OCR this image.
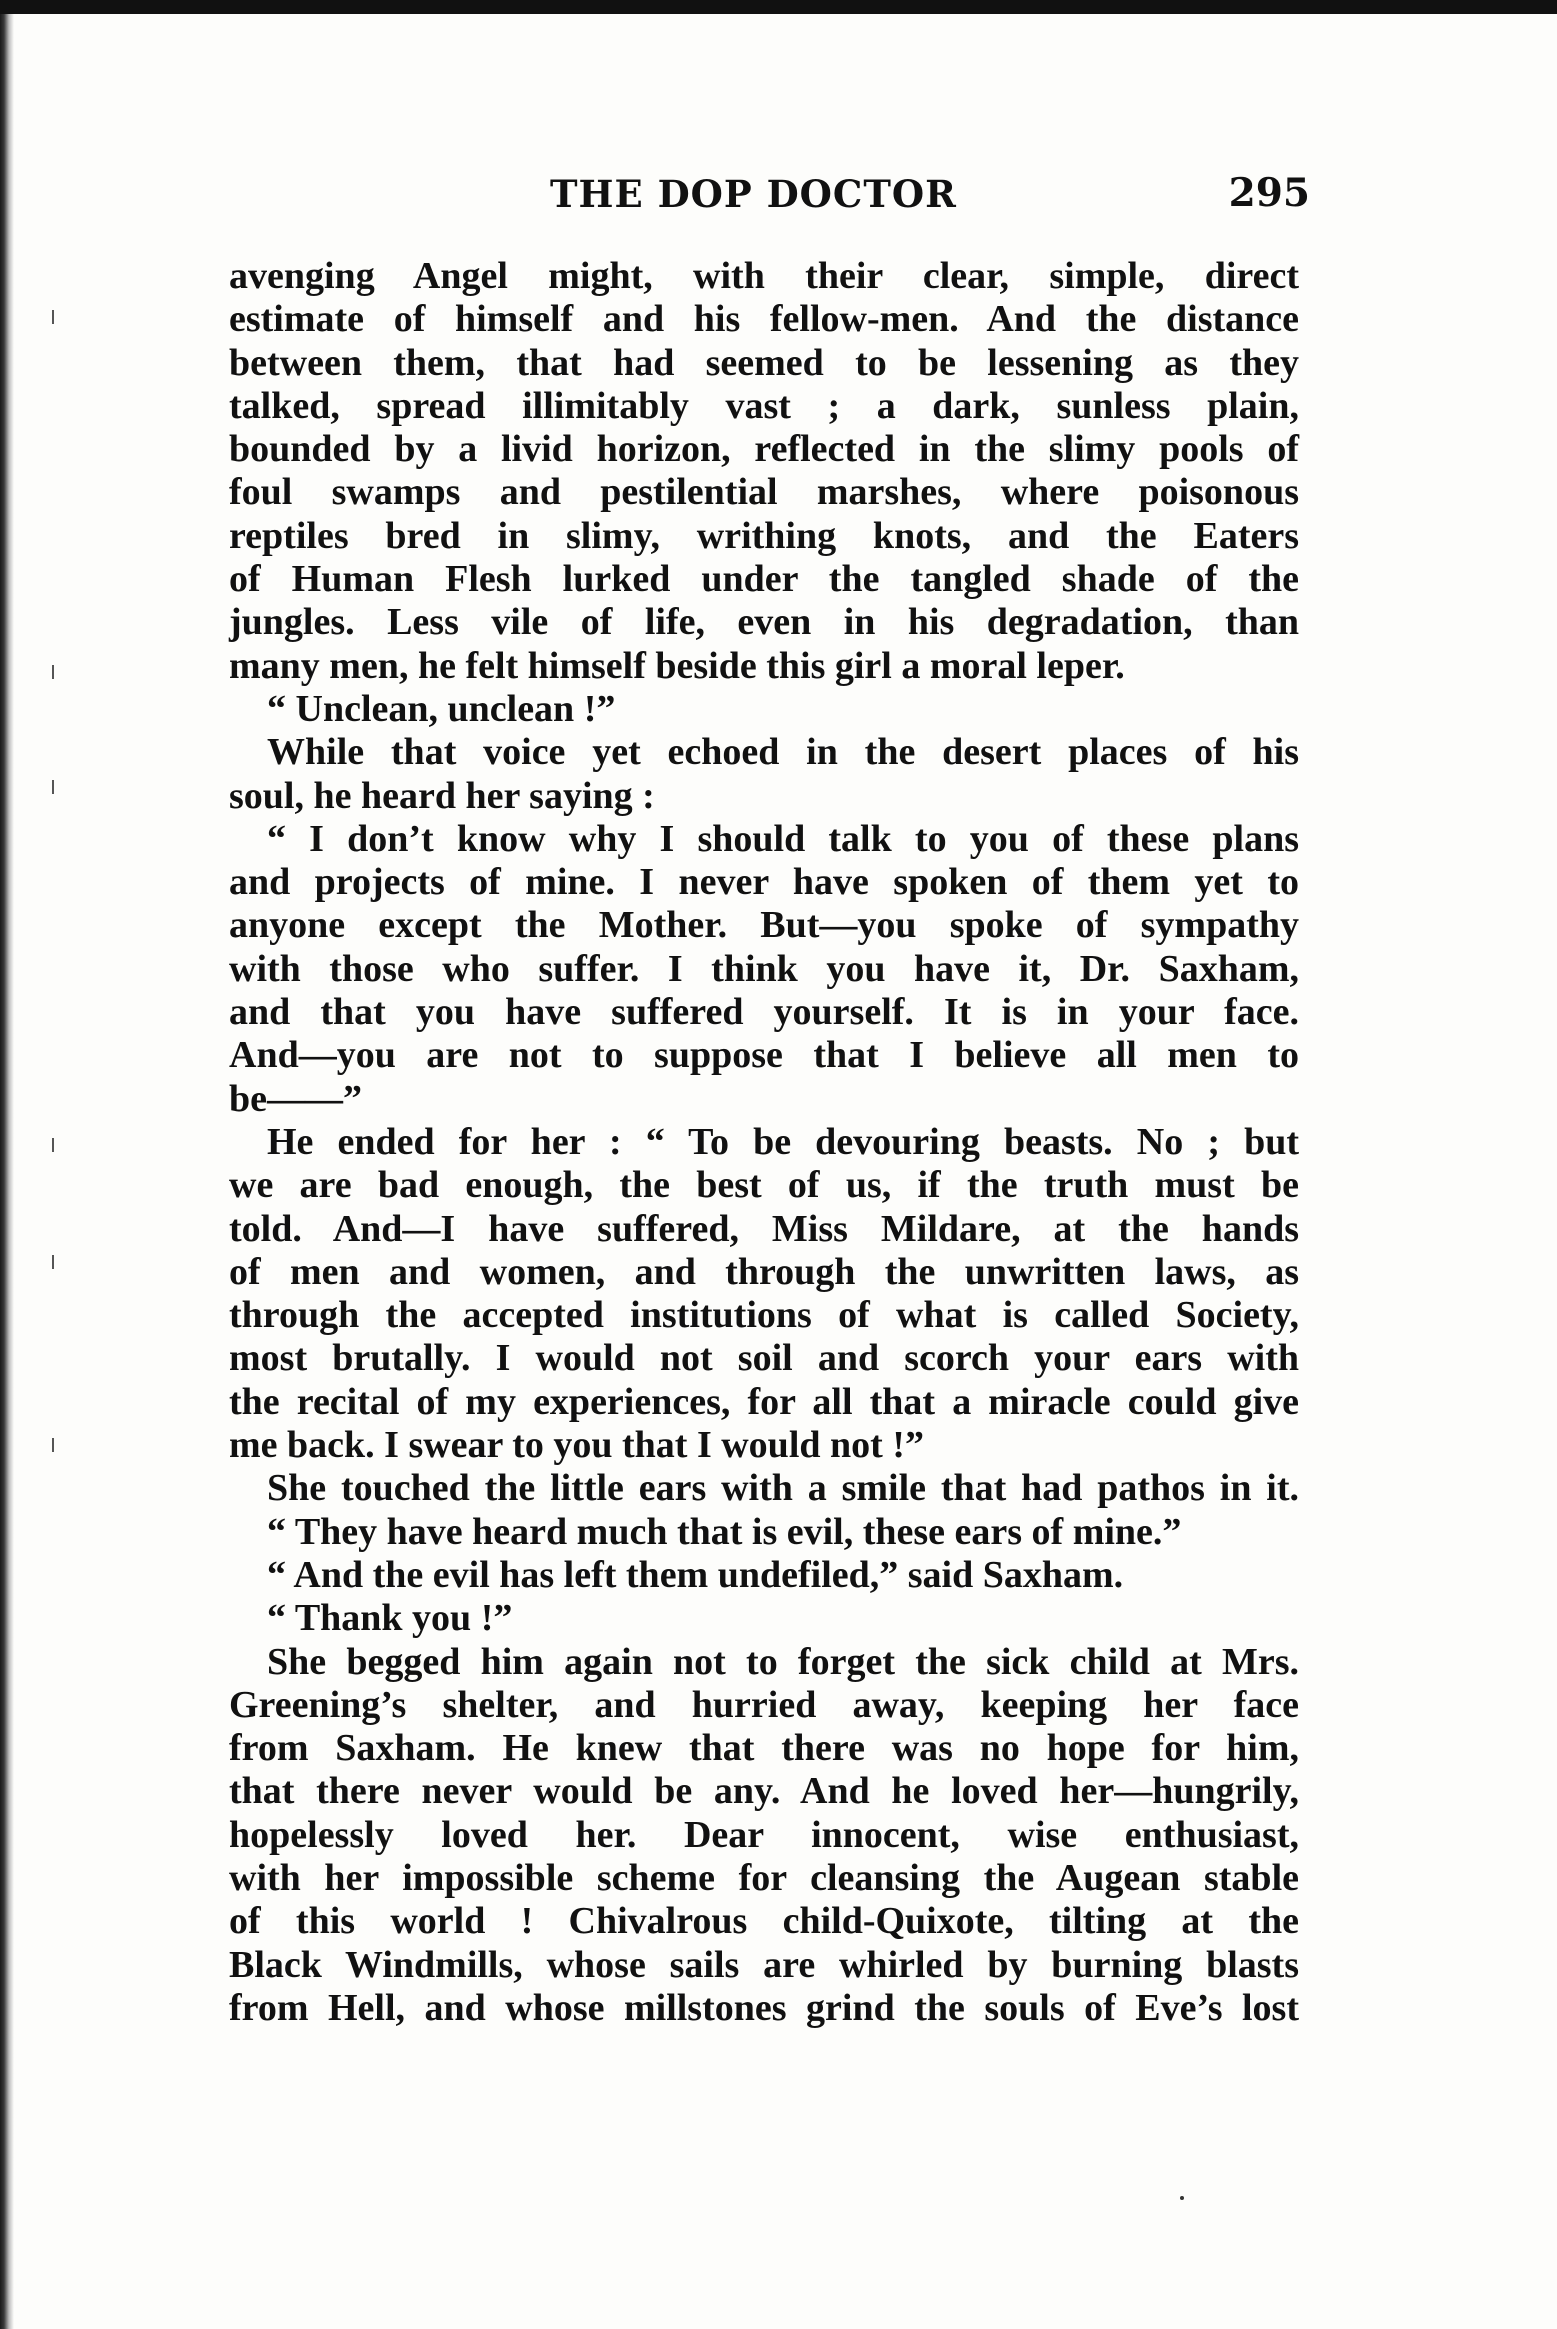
THE DOP DOCTOR	295
avenging Angel might, with their clear, simple, direct
estimate of himself and his fellow-men. And the distance
between them, that had seemed to be lessening as they
talked, spread illimitably vast ; a dark, sunless plain,
bounded by a livid horizon, reflected in the slimy pools of
foul swamps and pestilential marshes, where poisonous
reptiles bred in slimy, writhing knots, and the Eaters
of Human Flesh lurked under the tangled shade of the
jungles. Less vile of life, even in his degradation, than
many men, he felt himself beside this girl a moral leper.
“ Unclean, unclean !”
While that voice yet echoed in the desert places of his
soul, he heard her saying :
“ I don’t know why I should talk to you of these plans
and projects of mine. I never have spoken of them yet to
anyone except the Mother. But—you spoke of sympathy
with those who suffer. I think you have it, Dr. Saxham,
and that you have suffered yourself. It is in your face.
And—you are not to suppose that I believe all men to
be——”
He ended for her : “ To be devouring beasts. No ; but
we are bad enough, the best of us, if the truth must be
told. And—I have suffered, Miss Mildare, at the hands
of men and women, and through the unwritten laws, as
through the accepted institutions of what is called Society,
most brutally. I would not soil and scorch your ears with
the recital of my experiences, for all that a miracle could give
me back. I swear to you that I would not !”
She touched the little ears with a smile that had pathos in it.
“ They have heard much that is evil, these ears of mine.”
“ And the evil has left them undefiled,” said Saxham.
“ Thank you !”
She begged him again not to forget the sick child at Mrs.
Greening’s shelter, and hurried away, keeping her face
from Saxham. He knew that there was no hope for him,
that there never would be any. And he loved her—hungrily,
hopelessly loved her. Dear innocent, wise enthusiast,
with her impossible scheme for cleansing the Augean stable
of this world ! Chivalrous child-Quixote, tilting at the
Black Windmills, whose sails are whirled by burning blasts
from Hell, and whose millstones grind the souls of Eve’s lost
